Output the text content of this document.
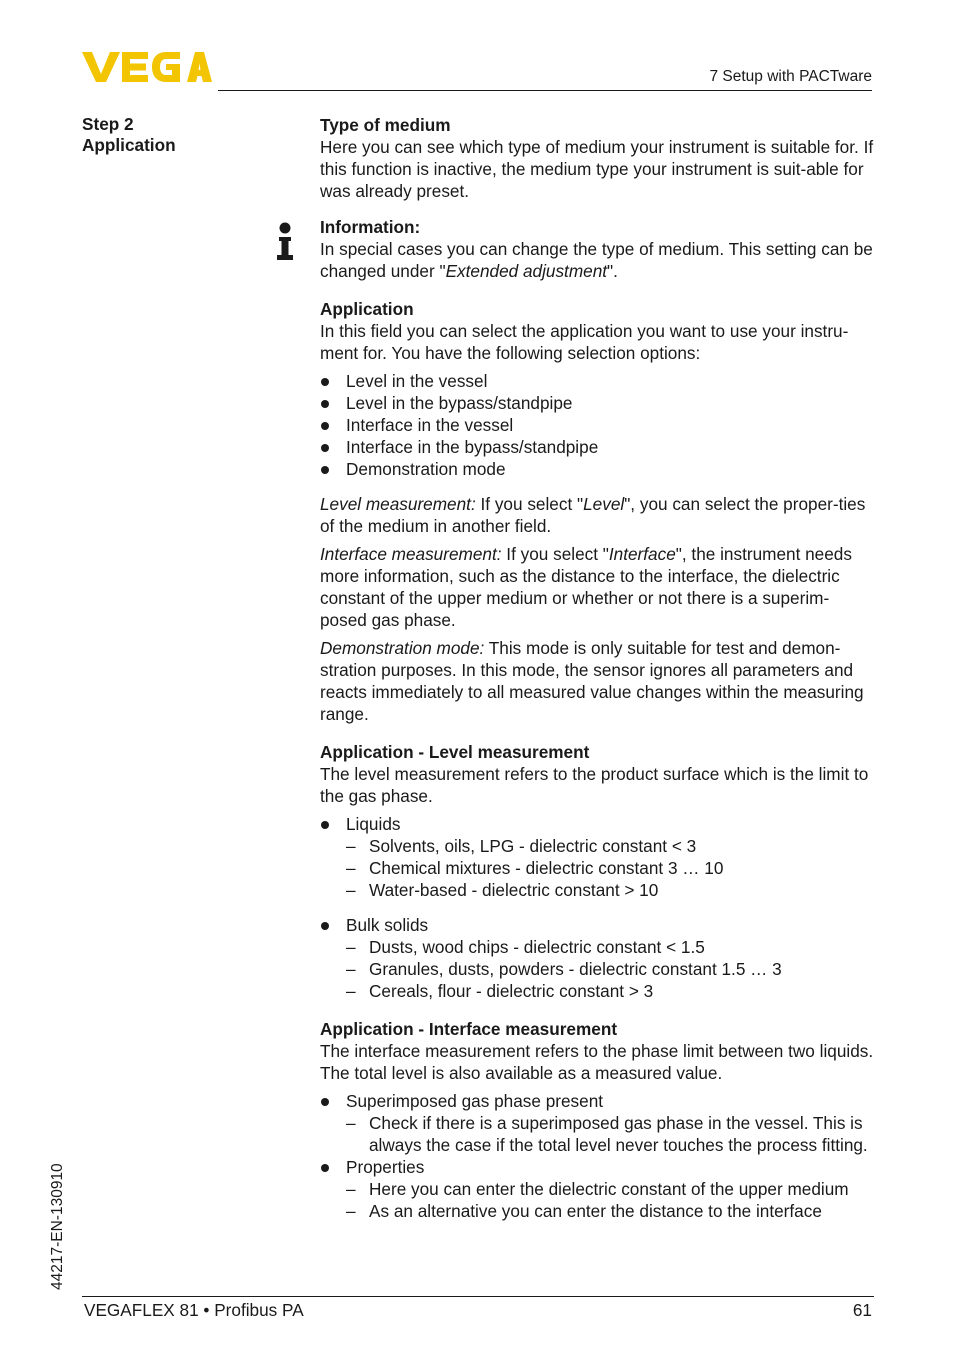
7 Setup with PACTware
Step 2
Application
Type of medium

Here you can see which type of medium your instrument is suitable for. If this function is inactive, the medium type your instrument is suit-able for was already preset.

Information:

In special cases you can change the type of medium. This setting can be changed under "Extended adjustment".

Application

In this field you can select the application you want to use your instru-ment for. You have the following selection options:

Level in the vessel
Level in the bypass/standpipe
Interface in the vessel
Interface in the bypass/standpipe
Demonstration mode

Level measurement: If you select "Level", you can select the proper-ties of the medium in another field.

Interface measurement: If you select "Interface", the instrument needs more information, such as the distance to the interface, the dielectric constant of the upper medium or whether or not there is a superim-posed gas phase.

Demonstration mode: This mode is only suitable for test and demon-stration purposes. In this mode, the sensor ignores all parameters and reacts immediately to all measured value changes within the measuring range.

Application - Level measurement

The level measurement refers to the product surface which is the limit to the gas phase.

Liquids
– Solvents, oils, LPG - dielectric constant < 3
– Chemical mixtures - dielectric constant 3 … 10
– Water-based - dielectric constant > 10
Bulk solids
– Dusts, wood chips - dielectric constant < 1.5
– Granules, dusts, powders - dielectric constant 1.5 … 3
– Cereals, flour - dielectric constant > 3
Application - Interface measurement

The interface measurement refers to the phase limit between two liquids. The total level is also available as a measured value.

Superimposed gas phase present
– Check if there is a superimposed gas phase in the vessel. This is always the case if the total level never touches the process fitting.
Properties
– Here you can enter the dielectric constant of the upper medium
– As an alternative you can enter the distance to the interface
44217-EN-130910
VEGAFLEX 81 • Profibus PA	61
